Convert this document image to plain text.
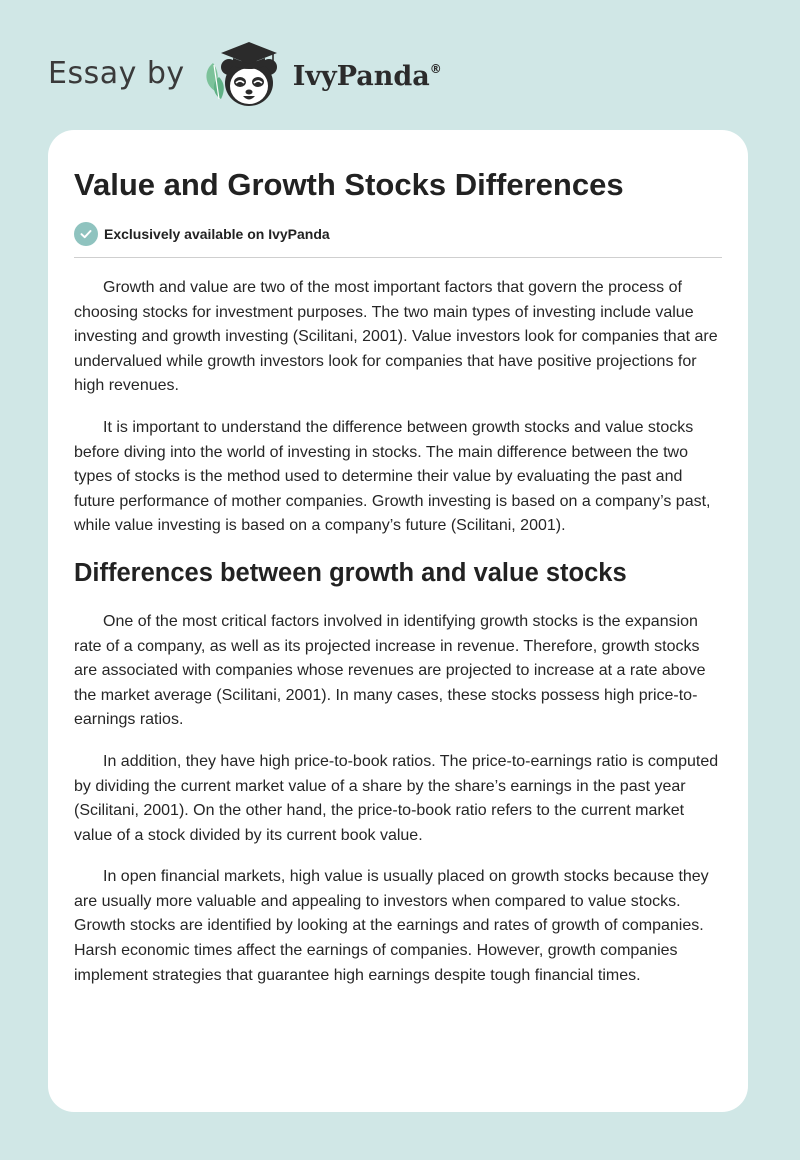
Essay by	IvyPanda®
Value and Growth Stocks Differences
Exclusively available on IvyPanda

Growth and value are two of the most important factors that govern the process of choosing stocks for investment purposes. The two main types of investing include value investing and growth investing (Scilitani, 2001). Value investors look for companies that are undervalued while growth investors look for companies that have positive projections for high revenues.

It is important to understand the difference between growth stocks and value stocks before diving into the world of investing in stocks. The main difference between the two types of stocks is the method used to determine their value by evaluating the past and future performance of mother companies. Growth investing is based on a company’s past, while value investing is based on a company’s future (Scilitani, 2001).

Differences between growth and value stocks

One of the most critical factors involved in identifying growth stocks is the expansion rate of a company, as well as its projected increase in revenue. Therefore, growth stocks are associated with companies whose revenues are projected to increase at a rate above the market average (Scilitani, 2001). In many cases, these stocks possess high price-to-earnings ratios.

In addition, they have high price-to-book ratios. The price-to-earnings ratio is computed by dividing the current market value of a share by the share’s earnings in the past year (Scilitani, 2001). On the other hand, the price-to-book ratio refers to the current market value of a stock divided by its current book value.

In open financial markets, high value is usually placed on growth stocks because they are usually more valuable and appealing to investors when compared to value stocks. Growth stocks are identified by looking at the earnings and rates of growth of companies. Harsh economic times affect the earnings of companies. However, growth companies implement strategies that guarantee high earnings despite tough financial times.
